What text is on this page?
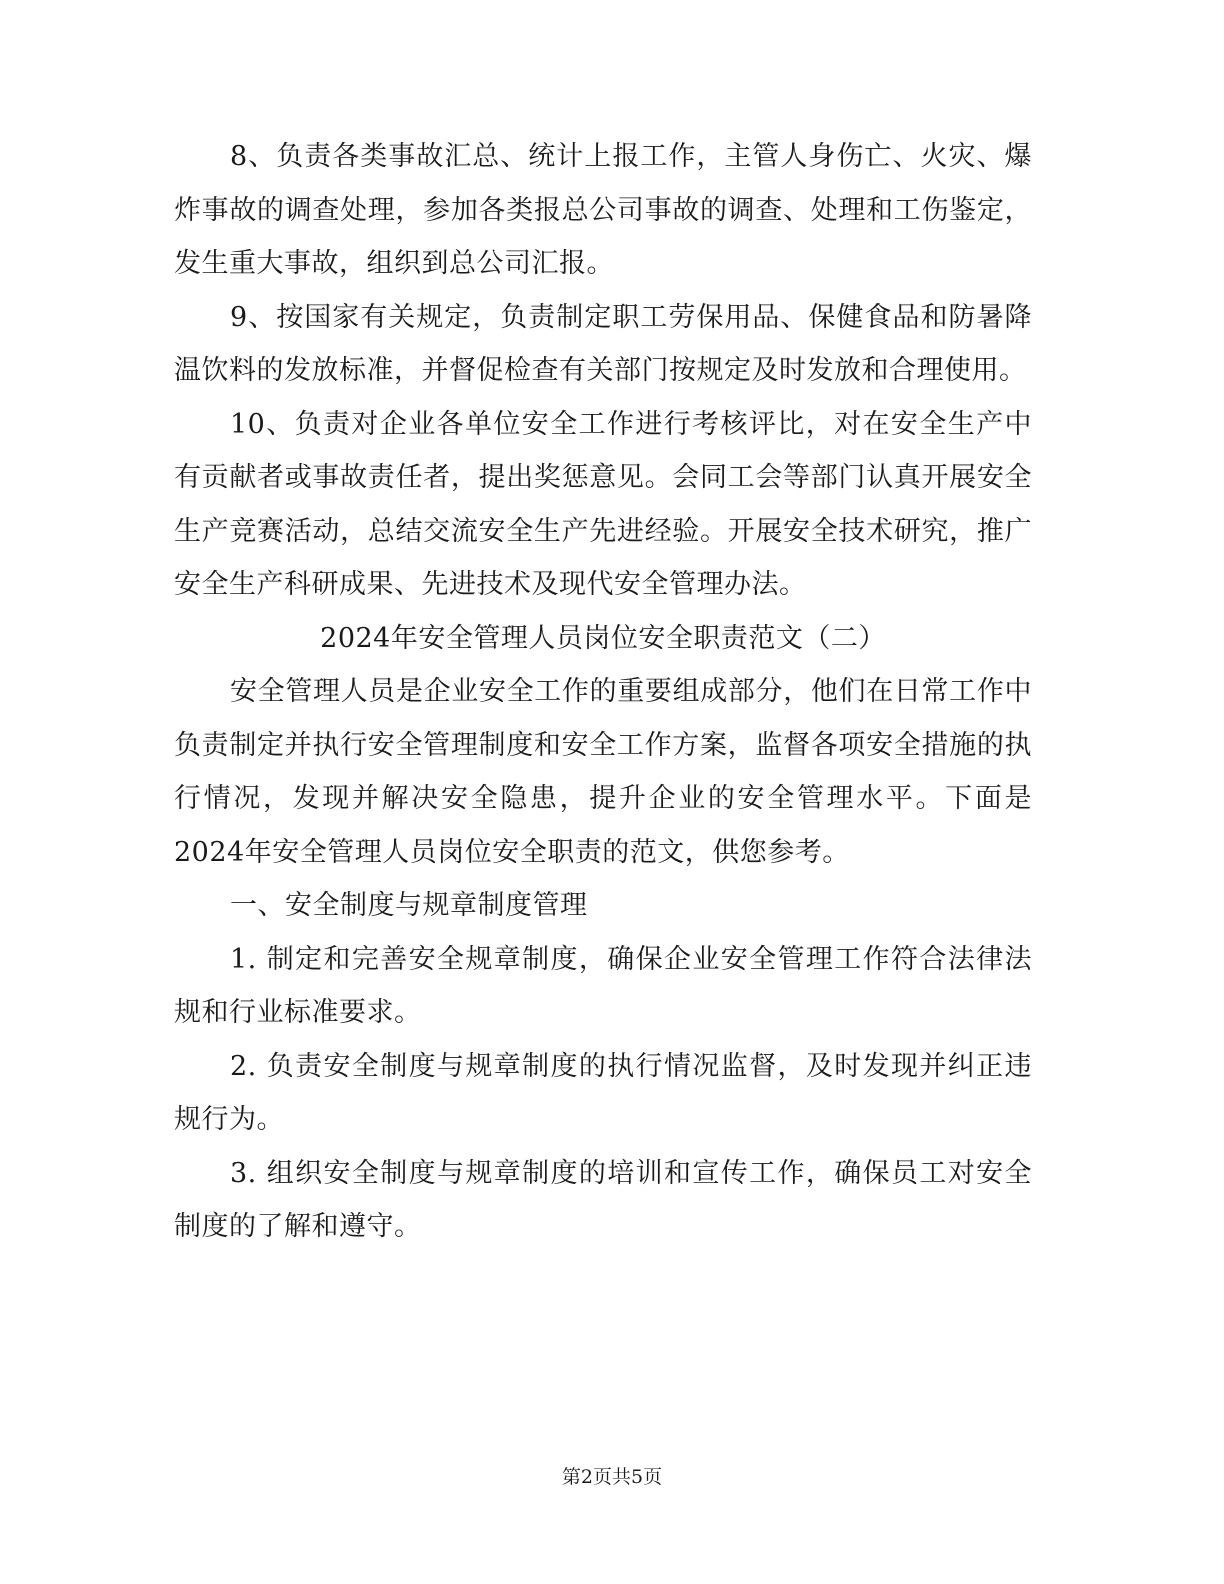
8、负责各类事故汇总、统计上报工作，主管人身伤亡、火灾、爆炸事故的调查处理，参加各类报总公司事故的调查、处理和工伤鉴定，发生重大事故，组织到总公司汇报。

9、按国家有关规定，负责制定职工劳保用品、保健食品和防暑降温饮料的发放标准，并督促检查有关部门按规定及时发放和合理使用。

10、负责对企业各单位安全工作进行考核评比，对在安全生产中有贡献者或事故责任者，提出奖惩意见。会同工会等部门认真开展安全生产竞赛活动，总结交流安全生产先进经验。开展安全技术研究，推广安全生产科研成果、先进技术及现代安全管理办法。

2024年安全管理人员岗位安全职责范文（二）

安全管理人员是企业安全工作的重要组成部分，他们在日常工作中负责制定并执行安全管理制度和安全工作方案，监督各项安全措施的执行情况，发现并解决安全隐患，提升企业的安全管理水平。下面是2024年安全管理人员岗位安全职责的范文，供您参考。

一、安全制度与规章制度管理

1. 制定和完善安全规章制度，确保企业安全管理工作符合法律法规和行业标准要求。

2. 负责安全制度与规章制度的执行情况监督，及时发现并纠正违规行为。

3. 组织安全制度与规章制度的培训和宣传工作，确保员工对安全制度的了解和遵守。

第2页共5页
